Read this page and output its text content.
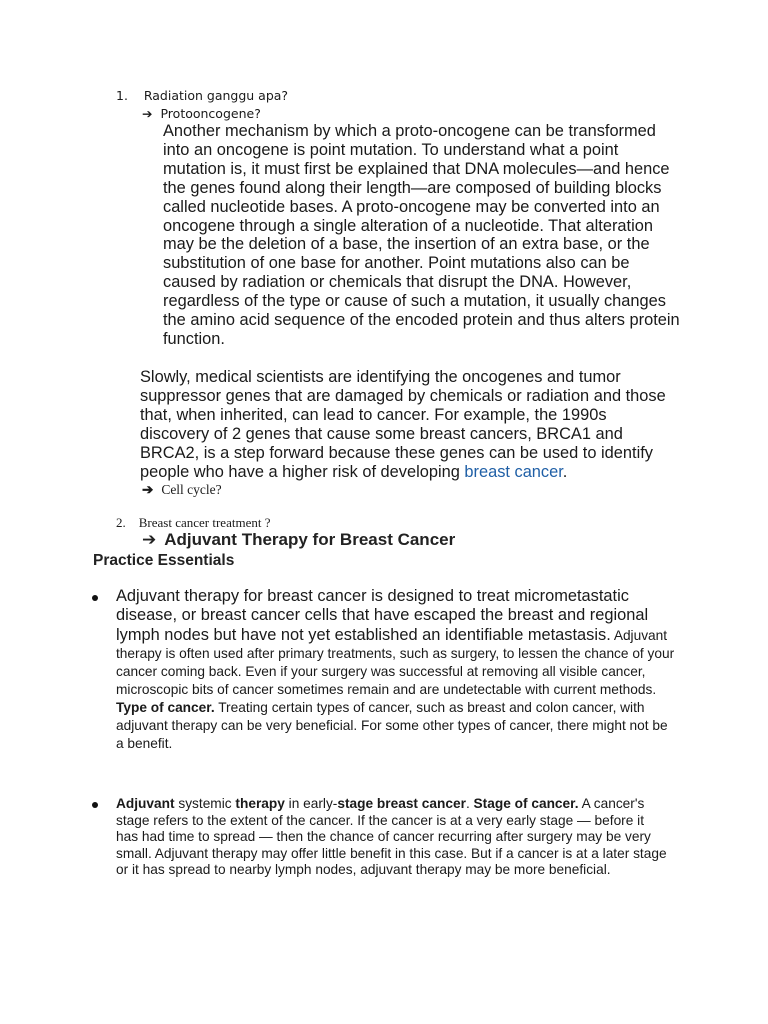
1. Radiation ganggu apa?
➔ Protooncogene?
Another mechanism by which a proto-oncogene can be transformed into an oncogene is point mutation. To understand what a point mutation is, it must first be explained that DNA molecules—and hence the genes found along their length—are composed of building blocks called nucleotide bases. A proto-oncogene may be converted into an oncogene through a single alteration of a nucleotide. That alteration may be the deletion of a base, the insertion of an extra base, or the substitution of one base for another. Point mutations also can be caused by radiation or chemicals that disrupt the DNA. However, regardless of the type or cause of such a mutation, it usually changes the amino acid sequence of the encoded protein and thus alters protein function.
Slowly, medical scientists are identifying the oncogenes and tumor suppressor genes that are damaged by chemicals or radiation and those that, when inherited, can lead to cancer. For example, the 1990s discovery of 2 genes that cause some breast cancers, BRCA1 and BRCA2, is a step forward because these genes can be used to identify people who have a higher risk of developing breast cancer.
➔ Cell cycle?
2. Breast cancer treatment ?
➔ Adjuvant Therapy for Breast Cancer
Practice Essentials
Adjuvant therapy for breast cancer is designed to treat micrometastatic disease, or breast cancer cells that have escaped the breast and regional lymph nodes but have not yet established an identifiable metastasis. Adjuvant therapy is often used after primary treatments, such as surgery, to lessen the chance of your cancer coming back. Even if your surgery was successful at removing all visible cancer, microscopic bits of cancer sometimes remain and are undetectable with current methods. Type of cancer. Treating certain types of cancer, such as breast and colon cancer, with adjuvant therapy can be very beneficial. For some other types of cancer, there might not be a benefit.
Adjuvant systemic therapy in early-stage breast cancer. Stage of cancer. A cancer's stage refers to the extent of the cancer. If the cancer is at a very early stage — before it has had time to spread — then the chance of cancer recurring after surgery may be very small. Adjuvant therapy may offer little benefit in this case. But if a cancer is at a later stage or it has spread to nearby lymph nodes, adjuvant therapy may be more beneficial.
